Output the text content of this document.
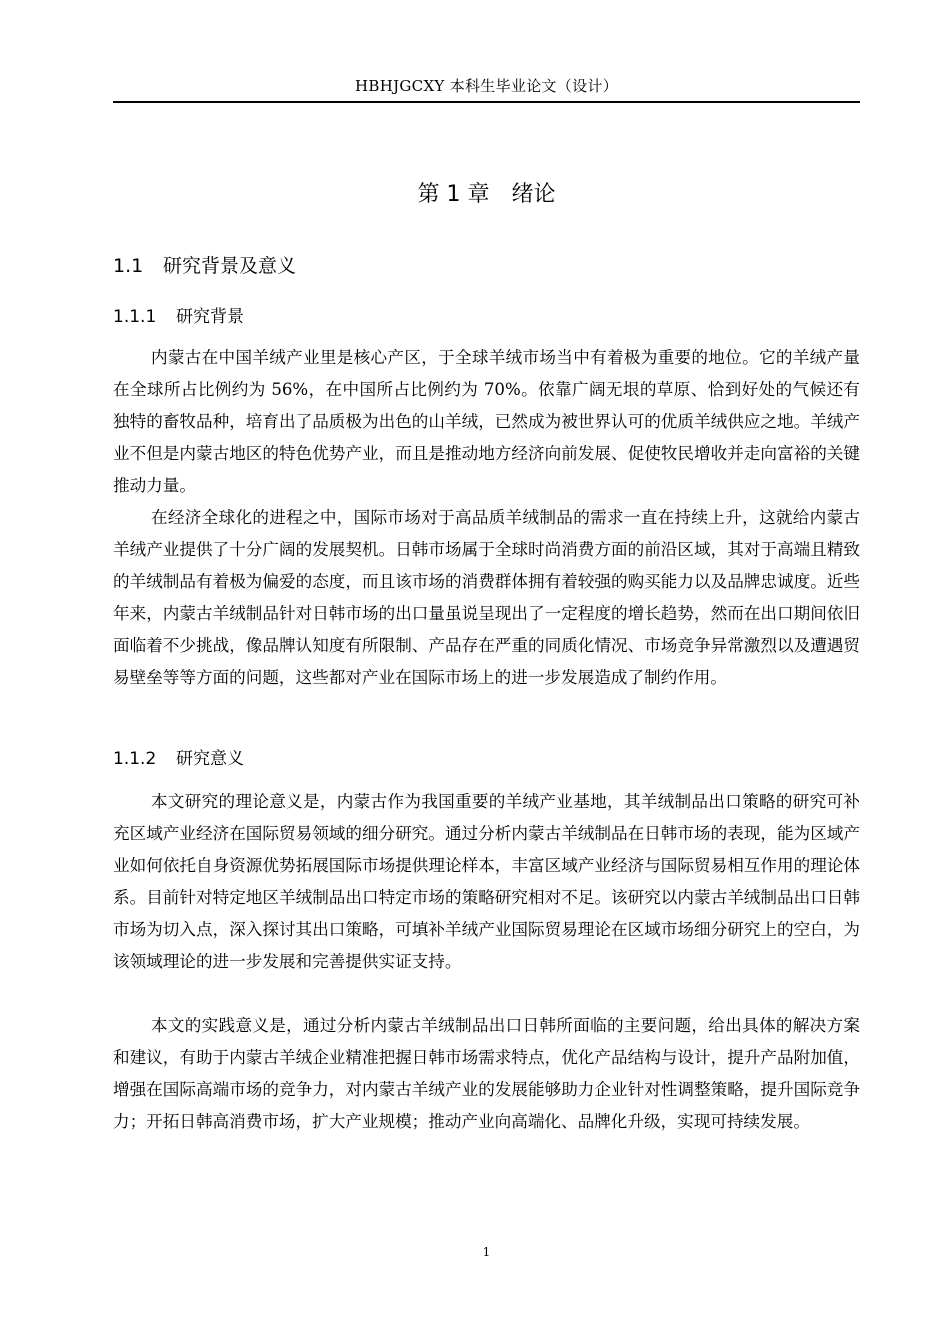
HBHJGCXY 本科生毕业论文（设计）
第 1 章 绪论
1.1 研究背景及意义
1.1.1 研究背景

内蒙古在中国羊绒产业里是核心产区，于全球羊绒市场当中有着极为重要的地位。它的羊绒产量在全球所占比例约为 56%，在中国所占比例约为 70%。依靠广阔无垠的草原、恰到好处的气候还有独特的畜牧品种，培育出了品质极为出色的山羊绒，已然成为被世界认可的优质羊绒供应之地。羊绒产业不但是内蒙古地区的特色优势产业，而且是推动地方经济向前发展、促使牧民增收并走向富裕的关键推动力量。

在经济全球化的进程之中，国际市场对于高品质羊绒制品的需求一直在持续上升，这就给内蒙古羊绒产业提供了十分广阔的发展契机。日韩市场属于全球时尚消费方面的前沿区域，其对于高端且精致的羊绒制品有着极为偏爱的态度，而且该市场的消费群体拥有着较强的购买能力以及品牌忠诚度。近些年来，内蒙古羊绒制品针对日韩市场的出口量虽说呈现出了一定程度的增长趋势，然而在出口期间依旧面临着不少挑战，像品牌认知度有所限制、产品存在严重的同质化情况、市场竞争异常激烈以及遭遇贸易壁垒等等方面的问题，这些都对产业在国际市场上的进一步发展造成了制约作用。

1.1.2 研究意义

本文研究的理论意义是，内蒙古作为我国重要的羊绒产业基地，其羊绒制品出口策略的研究可补充区域产业经济在国际贸易领域的细分研究。通过分析内蒙古羊绒制品在日韩市场的表现，能为区域产业如何依托自身资源优势拓展国际市场提供理论样本，丰富区域产业经济与国际贸易相互作用的理论体系。目前针对特定地区羊绒制品出口特定市场的策略研究相对不足。该研究以内蒙古羊绒制品出口日韩市场为切入点，深入探讨其出口策略，可填补羊绒产业国际贸易理论在区域市场细分研究上的空白，为该领域理论的进一步发展和完善提供实证支持。

本文的实践意义是，通过分析内蒙古羊绒制品出口日韩所面临的主要问题，给出具体的解决方案和建议，有助于内蒙古羊绒企业精准把握日韩市场需求特点，优化产品结构与设计，提升产品附加值，增强在国际高端市场的竞争力，对内蒙古羊绒产业的发展能够助力企业针对性调整策略，提升国际竞争力；开拓日韩高消费市场，扩大产业规模；推动产业向高端化、品牌化升级，实现可持续发展。

1
